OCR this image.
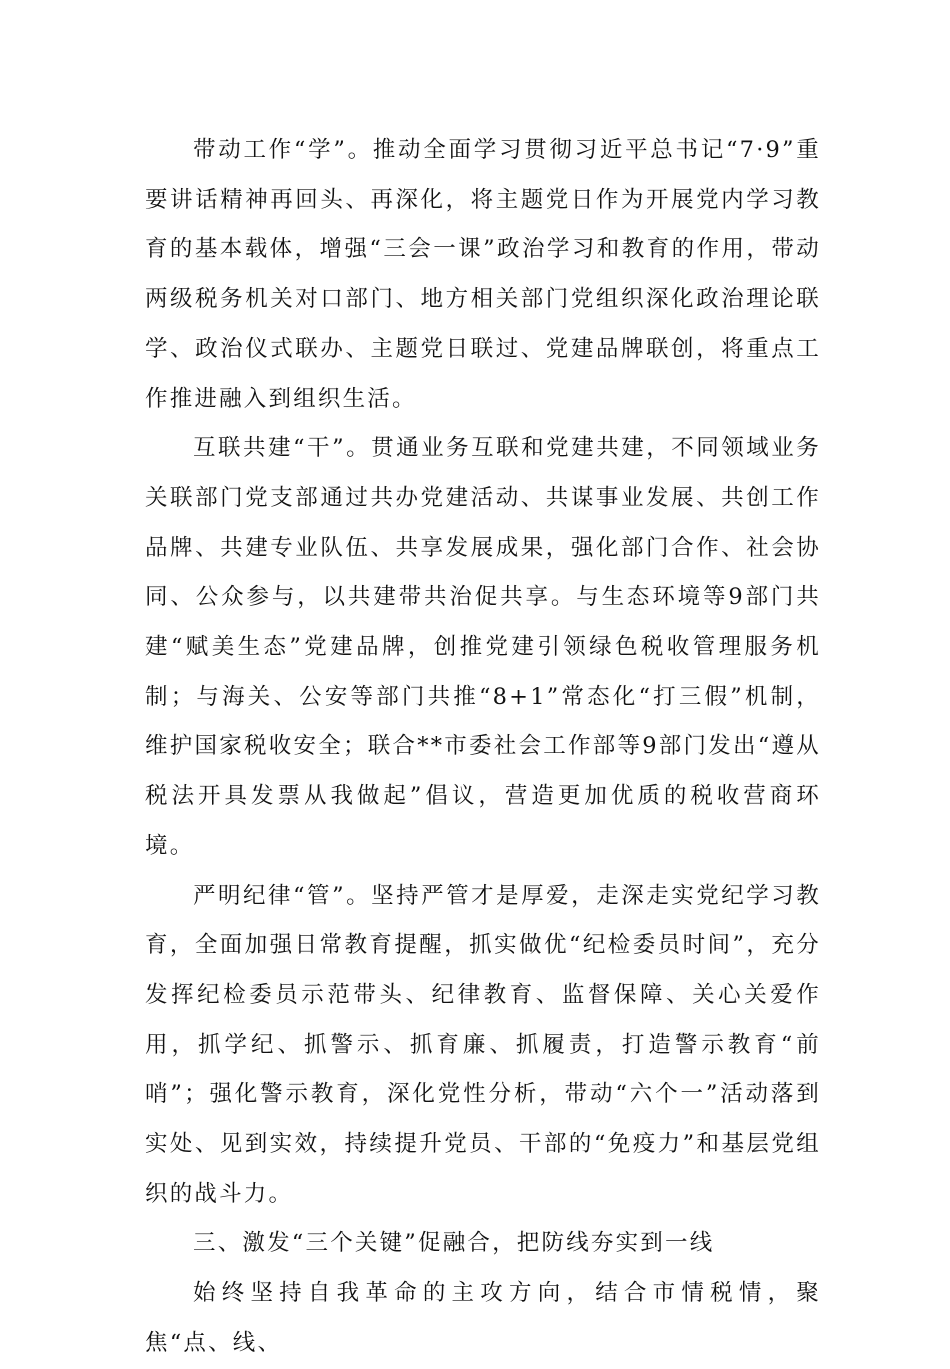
带动工作“学”。推动全面学习贯彻习近平总书记“7·9”重要讲话精神再回头、再深化，将主题党日作为开展党内学习教育的基本载体，增强“三会一课”政治学习和教育的作用，带动两级税务机关对口部门、地方相关部门党组织深化政治理论联学、政治仪式联办、主题党日联过、党建品牌联创，将重点工作推进融入到组织生活。

互联共建“干”。贯通业务互联和党建共建，不同领域业务关联部门党支部通过共办党建活动、共谋事业发展、共创工作品牌、共建专业队伍、共享发展成果，强化部门合作、社会协同、公众参与，以共建带共治促共享。与生态环境等9部门共建“赋美生态”党建品牌，创推党建引领绿色税收管理服务机制；与海关、公安等部门共推“8+1”常态化“打三假”机制，维护国家税收安全；联合**市委社会工作部等9部门发出“遵从税法开具发票从我做起”倡议，营造更加优质的税收营商环境。

严明纪律“管”。坚持严管才是厚爱，走深走实党纪学习教育，全面加强日常教育提醒，抓实做优“纪检委员时间”，充分发挥纪检委员示范带头、纪律教育、监督保障、关心关爱作用，抓学纪、抓警示、抓育廉、抓履责，打造警示教育“前哨”；强化警示教育，深化党性分析，带动“六个一”活动落到实处、见到实效，持续提升党员、干部的“免疫力”和基层党组织的战斗力。

三、激发“三个关键”促融合，把防线夯实到一线

始终坚持自我革命的主攻方向，结合市情税情，聚焦“点、线、
